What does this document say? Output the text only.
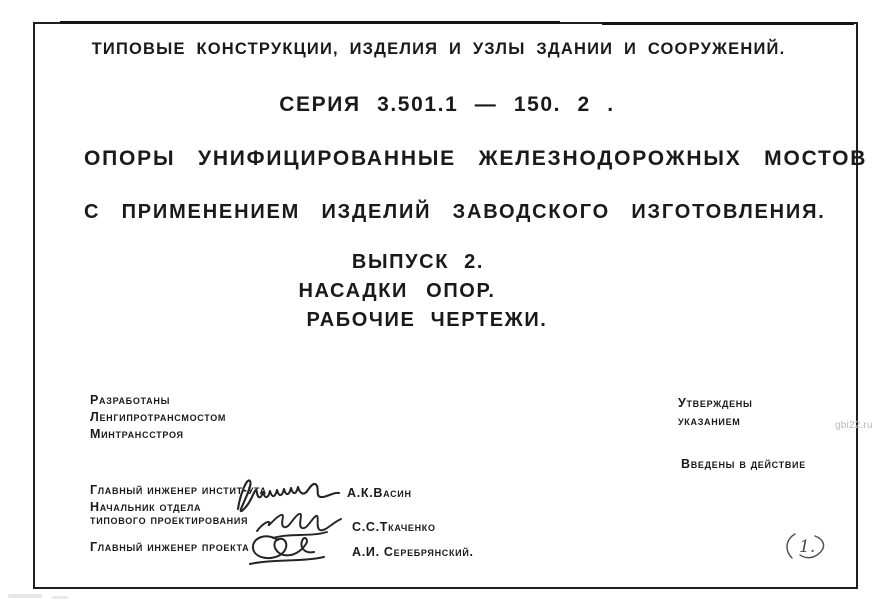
ТИПОВЫЕ КОНСТРУКЦИИ, ИЗДЕЛИЯ И УЗЛЫ ЗДАНИИ И СООРУЖЕНИЙ.
СЕРИЯ 3.501.1 — 150. 2 .
ОПОРЫ УНИФИЦИРОВАННЫЕ ЖЕЛЕЗНОДОРОЖНЫХ МОСТОВ
С ПРИМЕНЕНИЕМ ИЗДЕЛИЙ ЗАВОДСКОГО ИЗГОТОВЛЕНИЯ.
ВЫПУСК 2.
НАСАДКИ ОПОР.
РАБОЧИЕ ЧЕРТЕЖИ.
Разработаны
Ленгипротрансмостом
Минтрансстроя
Утверждены
указанием
Введены в действие
Главный инженер инстит-ута
Начальник отдела
типового проектирования
Главный инженер проекта
А.К.Васин
С.С.Ткаченко
А.И. Серебрянский.	1.
gbi22.ru
